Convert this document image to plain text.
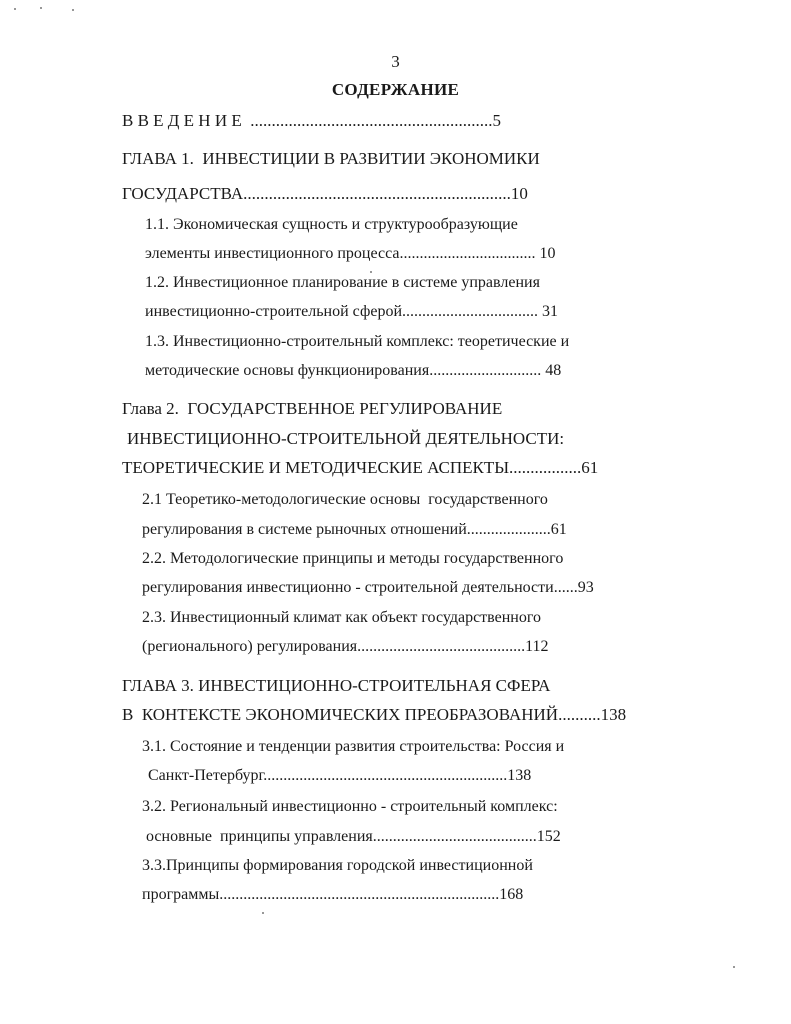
3
СОДЕРЖАНИЕ
В В Е Д Е Н И Е  .........................................................5
ГЛАВА 1.  ИНВЕСТИЦИИ В РАЗВИТИИ ЭКОНОМИКИ
ГОСУДАРСТВА...............................................................10
1.1. Экономическая сущность и структурообразующие
элементы инвестиционного процесса.................................. 10
1.2. Инвестиционное планирование в системе управления
инвестиционно-строительной сферой.................................. 31
1.3. Инвестиционно-строительный комплекс: теоретические и
методические основы функционирования............................ 48
Глава 2.  ГОСУДАРСТВЕННОЕ РЕГУЛИРОВАНИЕ
ИНВЕСТИЦИОННО-СТРОИТЕЛЬНОЙ ДЕЯТЕЛЬНОСТИ:
ТЕОРЕТИЧЕСКИЕ И МЕТОДИЧЕСКИЕ АСПЕКТЫ.................61
2.1 Теоретико-методологические основы  государственного
регулирования в системе рыночных отношений.....................61
2.2. Методологические принципы и методы государственного
регулирования инвестиционно - строительной деятельности......93
2.3. Инвестиционный климат как объект государственного
(регионального) регулирования..........................................112
ГЛАВА 3. ИНВЕСТИЦИОННО-СТРОИТЕЛЬНАЯ СФЕРА
В  КОНТЕКСТЕ ЭКОНОМИЧЕСКИХ ПРЕОБРАЗОВАНИЙ..........138
3.1. Состояние и тенденции развития строительства: Россия и
Санкт-Петербург.............................................................138
3.2. Региональный инвестиционно - строительный комплекс:
основные  принципы управления.........................................152
3.3.Принципы формирования городской инвестиционной
программы......................................................................168
